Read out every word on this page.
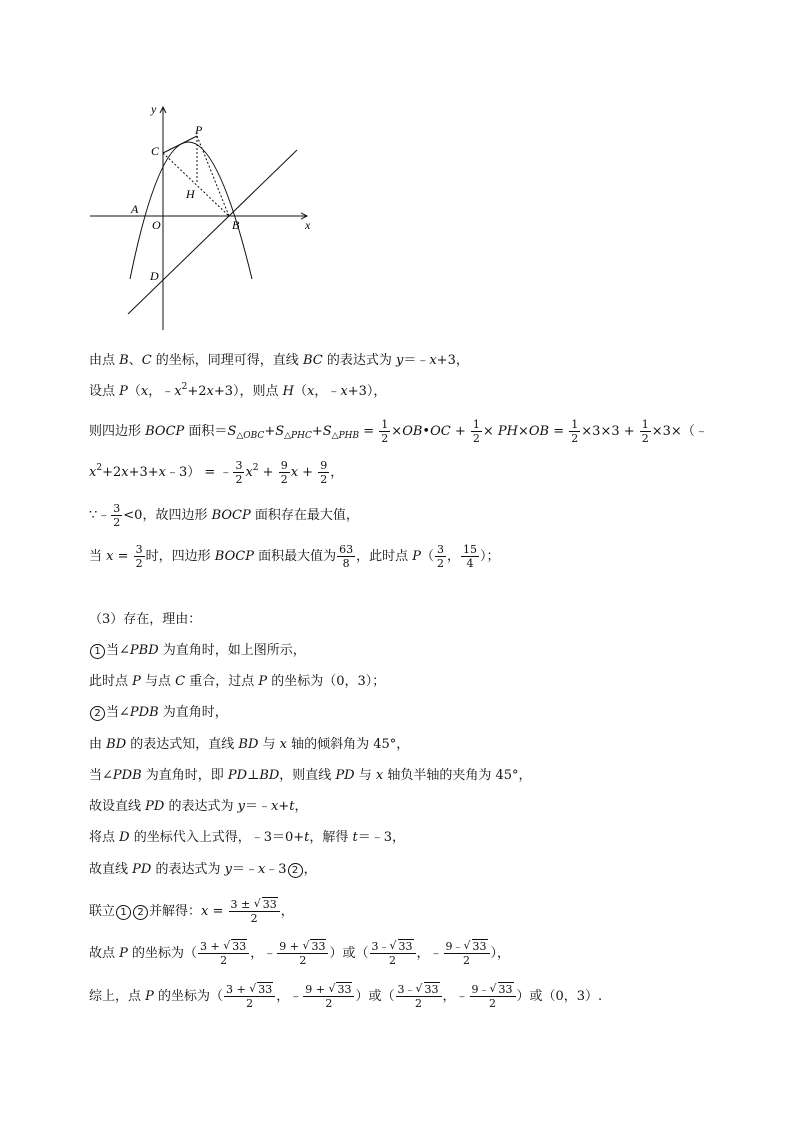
y
x
P
C
H
A
O	B
D
由点 B、C 的坐标，同理可得，直线 BC 的表达式为 y＝﹣x+3，
设点 P（x，$﹣x^2+2x+3$），则点 H（x，﹣x+3），
则四边形 BOCP 面积$=S_{\triangle OBC}+S_{\triangle PHC}+S_{\triangle PHB} = \frac{1}{2}$ ×OB•OC + $\frac{1}{2} \times PH\times OB = \frac{1}{2} \times 3\times 3 + \frac{1}{2}$ ×3×（﹣
$x^2+2x+3+x﹣3$） = ﹣ $\frac{3}{2} x^2 + \frac{9}{2}$ $x + \frac{9}{2}$ ，
∵﹣ $\frac{3}{2} <0$，故四边形 BOCP 面积存在最大值，
当 $x = \frac{3}{2}$ 时，四边形 BOCP 面积最大值为 $\frac{63}{8}$ ，此时点 $P( \frac{3}{2}$ ， $\frac{15}{4}$ ）；
（3）存在，理由：
1 当∠PBD 为直角时，如上图所示，
此时点 P 与点 C 重合，过点 P 的坐标为（0，3）；
2 当∠PDB 为直角时，
由 BD 的表达式知，直线 BD 与 x 轴的倾斜角为 45°，
当∠PDB 为直角时，即 PD⊥BD，则直线 PD 与 x 轴负半轴的夹角为 45°，
故设直线 PD 的表达式为 y＝﹣x+t，
将点 D 的坐标代入上式得，﹣3＝0+t，解得 t＝﹣3，
故直线 PD 的表达式为 y＝﹣x﹣3 2 ，
联立 1 2 并解得：$x = \frac{3 \pm √ 33}{2}$ ，
故点 P 的坐标为（ $\frac{3 + √ 33}{2}$ ，﹣ $\frac{9 + √ 33}{2}$ ）或（ $\frac{3﹣ √ 33}{2}$ ，﹣ $\frac{9﹣ √ 33}{2}$ ），
综上，点 P 的坐标为（ $\frac{3 + √ 33}{2}$ ，﹣ $\frac{9 + √ 33}{2}$ ）或（ $\frac{3﹣ √ 33}{2}$ ，﹣ $\frac{9﹣ √ 33}{2}$ ）或（0，3）.
